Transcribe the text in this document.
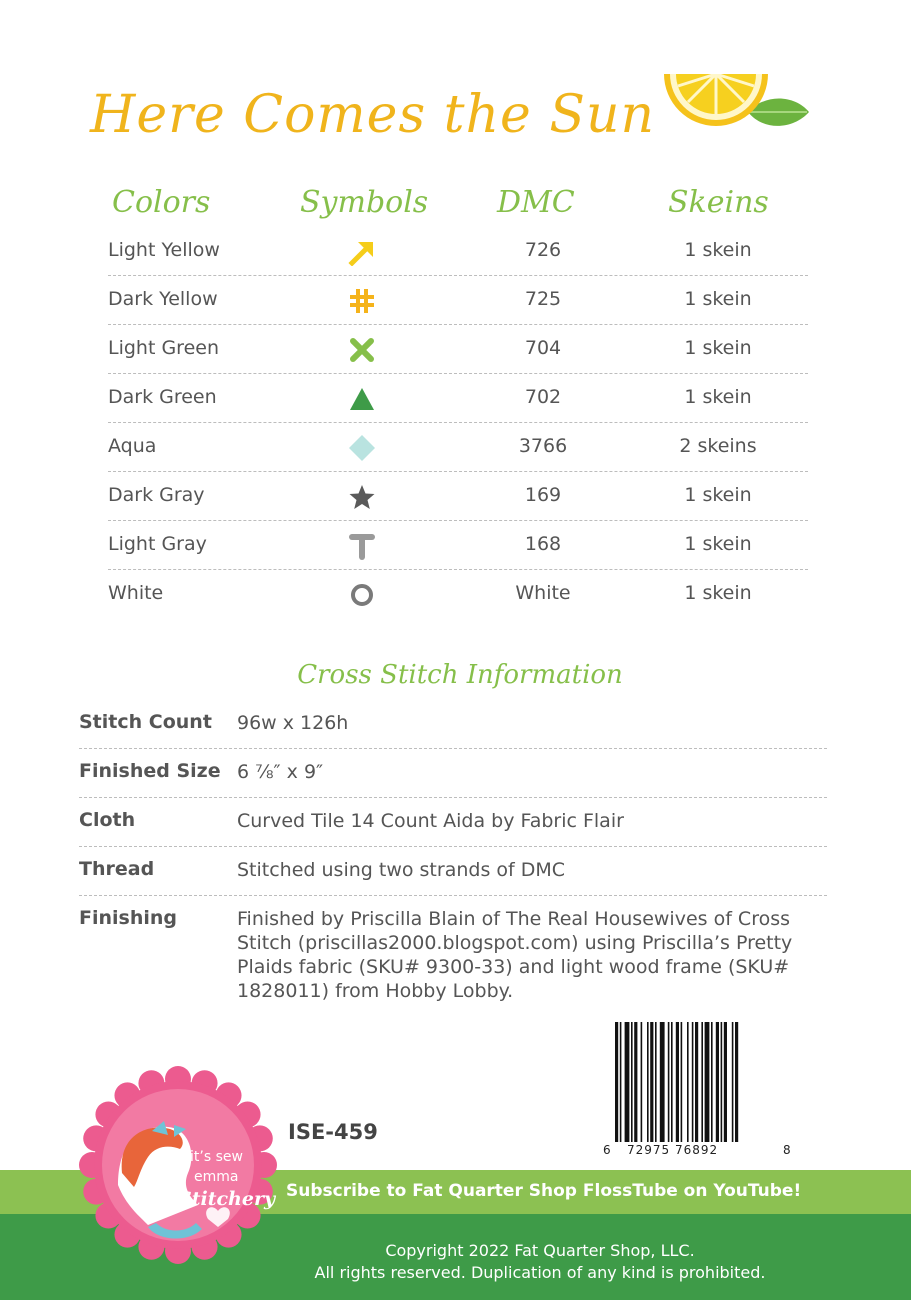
Here Comes the Sun
Colors	Symbols DMC	Skeins
Light Yellow	726	1 skein
Dark Yellow	725	1 skein
Light Green	704	1 skein
Dark Green	702	1 skein
Aqua	3766	2 skeins
Dark Gray	169	1 skein
Light Gray	168	1 skein
White	White	1 skein
Cross Stitch Information
Stitch Count 96w x 126h
Finished Size 6 ⅞″ x 9″
Cloth	Curved Tile 14 Count Aida by Fabric Flair
Thread	Stitched using two strands of DMC
Finishing	Finished by Priscilla Blain of The Real Housewives of Cross Stitch (priscillas2000.blogspot.com) using Priscilla’s Pretty Plaids fabric (SKU# 9300-33) and light wood frame (SKU# 1828011) from Hobby Lobby.
6 72975 76892	8
ISE-459
Subscribe to Fat Quarter Shop FlossTube on YouTube!
Copyright 2022 Fat Quarter Shop, LLC.
All rights reserved. Duplication of any kind is prohibited.
it’s sew
emma
Stitchery
